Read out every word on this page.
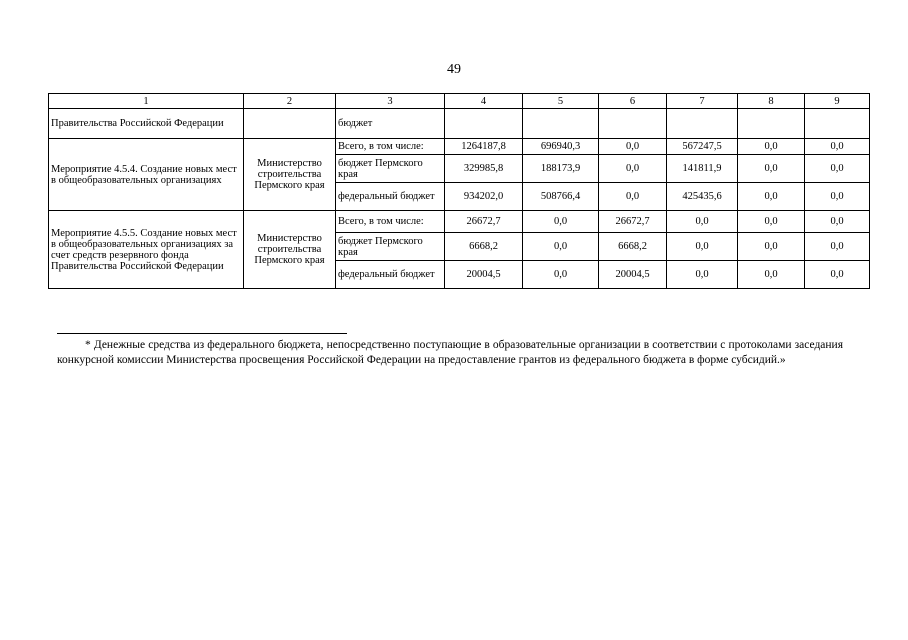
49
1	2	3	4	5	6	7	8	9
Правительства Российской Федерации		бюджет						
Мероприятие 4.5.4. Создание новых мест в общеобразовательных организациях	Министерство строительства Пермского края	Всего, в том числе:	1264187,8	696940,3	0,0	567247,5	0,0	0,0
		бюджет Пермского края	329985,8	188173,9	0,0	141811,9	0,0	0,0
		федеральный бюджет	934202,0	508766,4	0,0	425435,6	0,0	0,0
Мероприятие 4.5.5. Создание новых мест в общеобразовательных организациях за счет средств резервного фонда Правительства Российской Федерации	Министерство строительства Пермского края	Всего, в том числе:	26672,7	0,0	26672,7	0,0	0,0	0,0
		бюджет Пермского края	6668,2	0,0	6668,2	0,0	0,0	0,0
		федеральный бюджет	20004,5	0,0	20004,5	0,0	0,0	0,0

* Денежные средства из федерального бюджета, непосредственно поступающие в образовательные организации в соответствии с протоколами заседания конкурсной комиссии Министерства просвещения Российской Федерации на предоставление грантов из федерального бюджета в форме субсидий.»
